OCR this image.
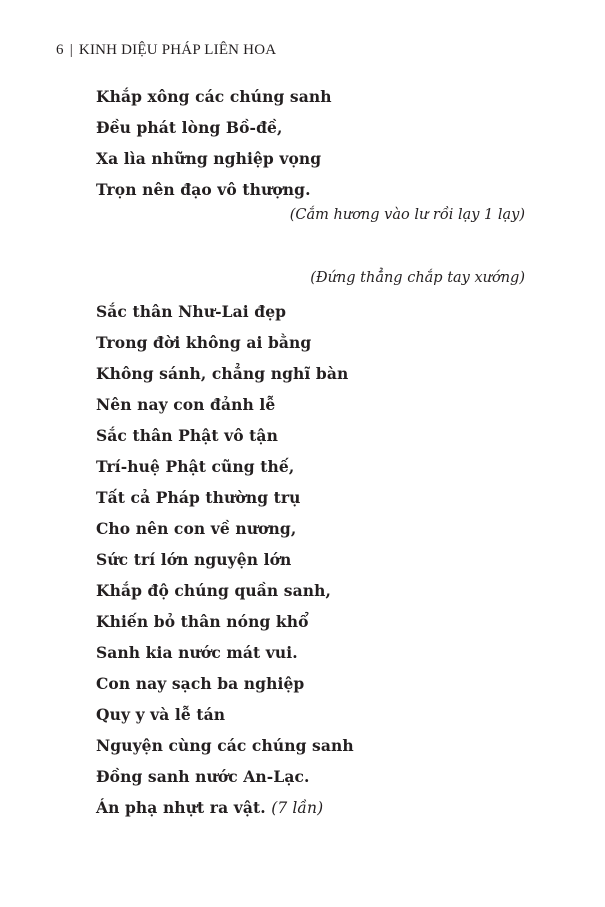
6 | KINH DIỆU PHÁP LIÊN HOA
Khắp xông các chúng sanh
Đều phát lòng Bồ-đề,
Xa lìa những nghiệp vọng
Trọn nên đạo vô thượng.
(Cắm hương vào lư rồi lạy 1 lạy)
(Đứng thẳng chắp tay xướng)
Sắc thân Như-Lai đẹp
Trong đời không ai bằng
Không sánh, chẳng nghĩ bàn
Nên nay con đảnh lễ
Sắc thân Phật vô tận
Trí-huệ Phật cũng thế,
Tất cả Pháp thường trụ
Cho nên con về nương,
Sức trí lớn nguyện lớn
Khắp độ chúng quần sanh,
Khiến bỏ thân nóng khổ
Sanh kia nước mát vui.
Con nay sạch ba nghiệp
Quy y và lễ tán
Nguyện cùng các chúng sanh
Đồng sanh nước An-Lạc.
Án phạ nhựt ra vật. (7 lần)
